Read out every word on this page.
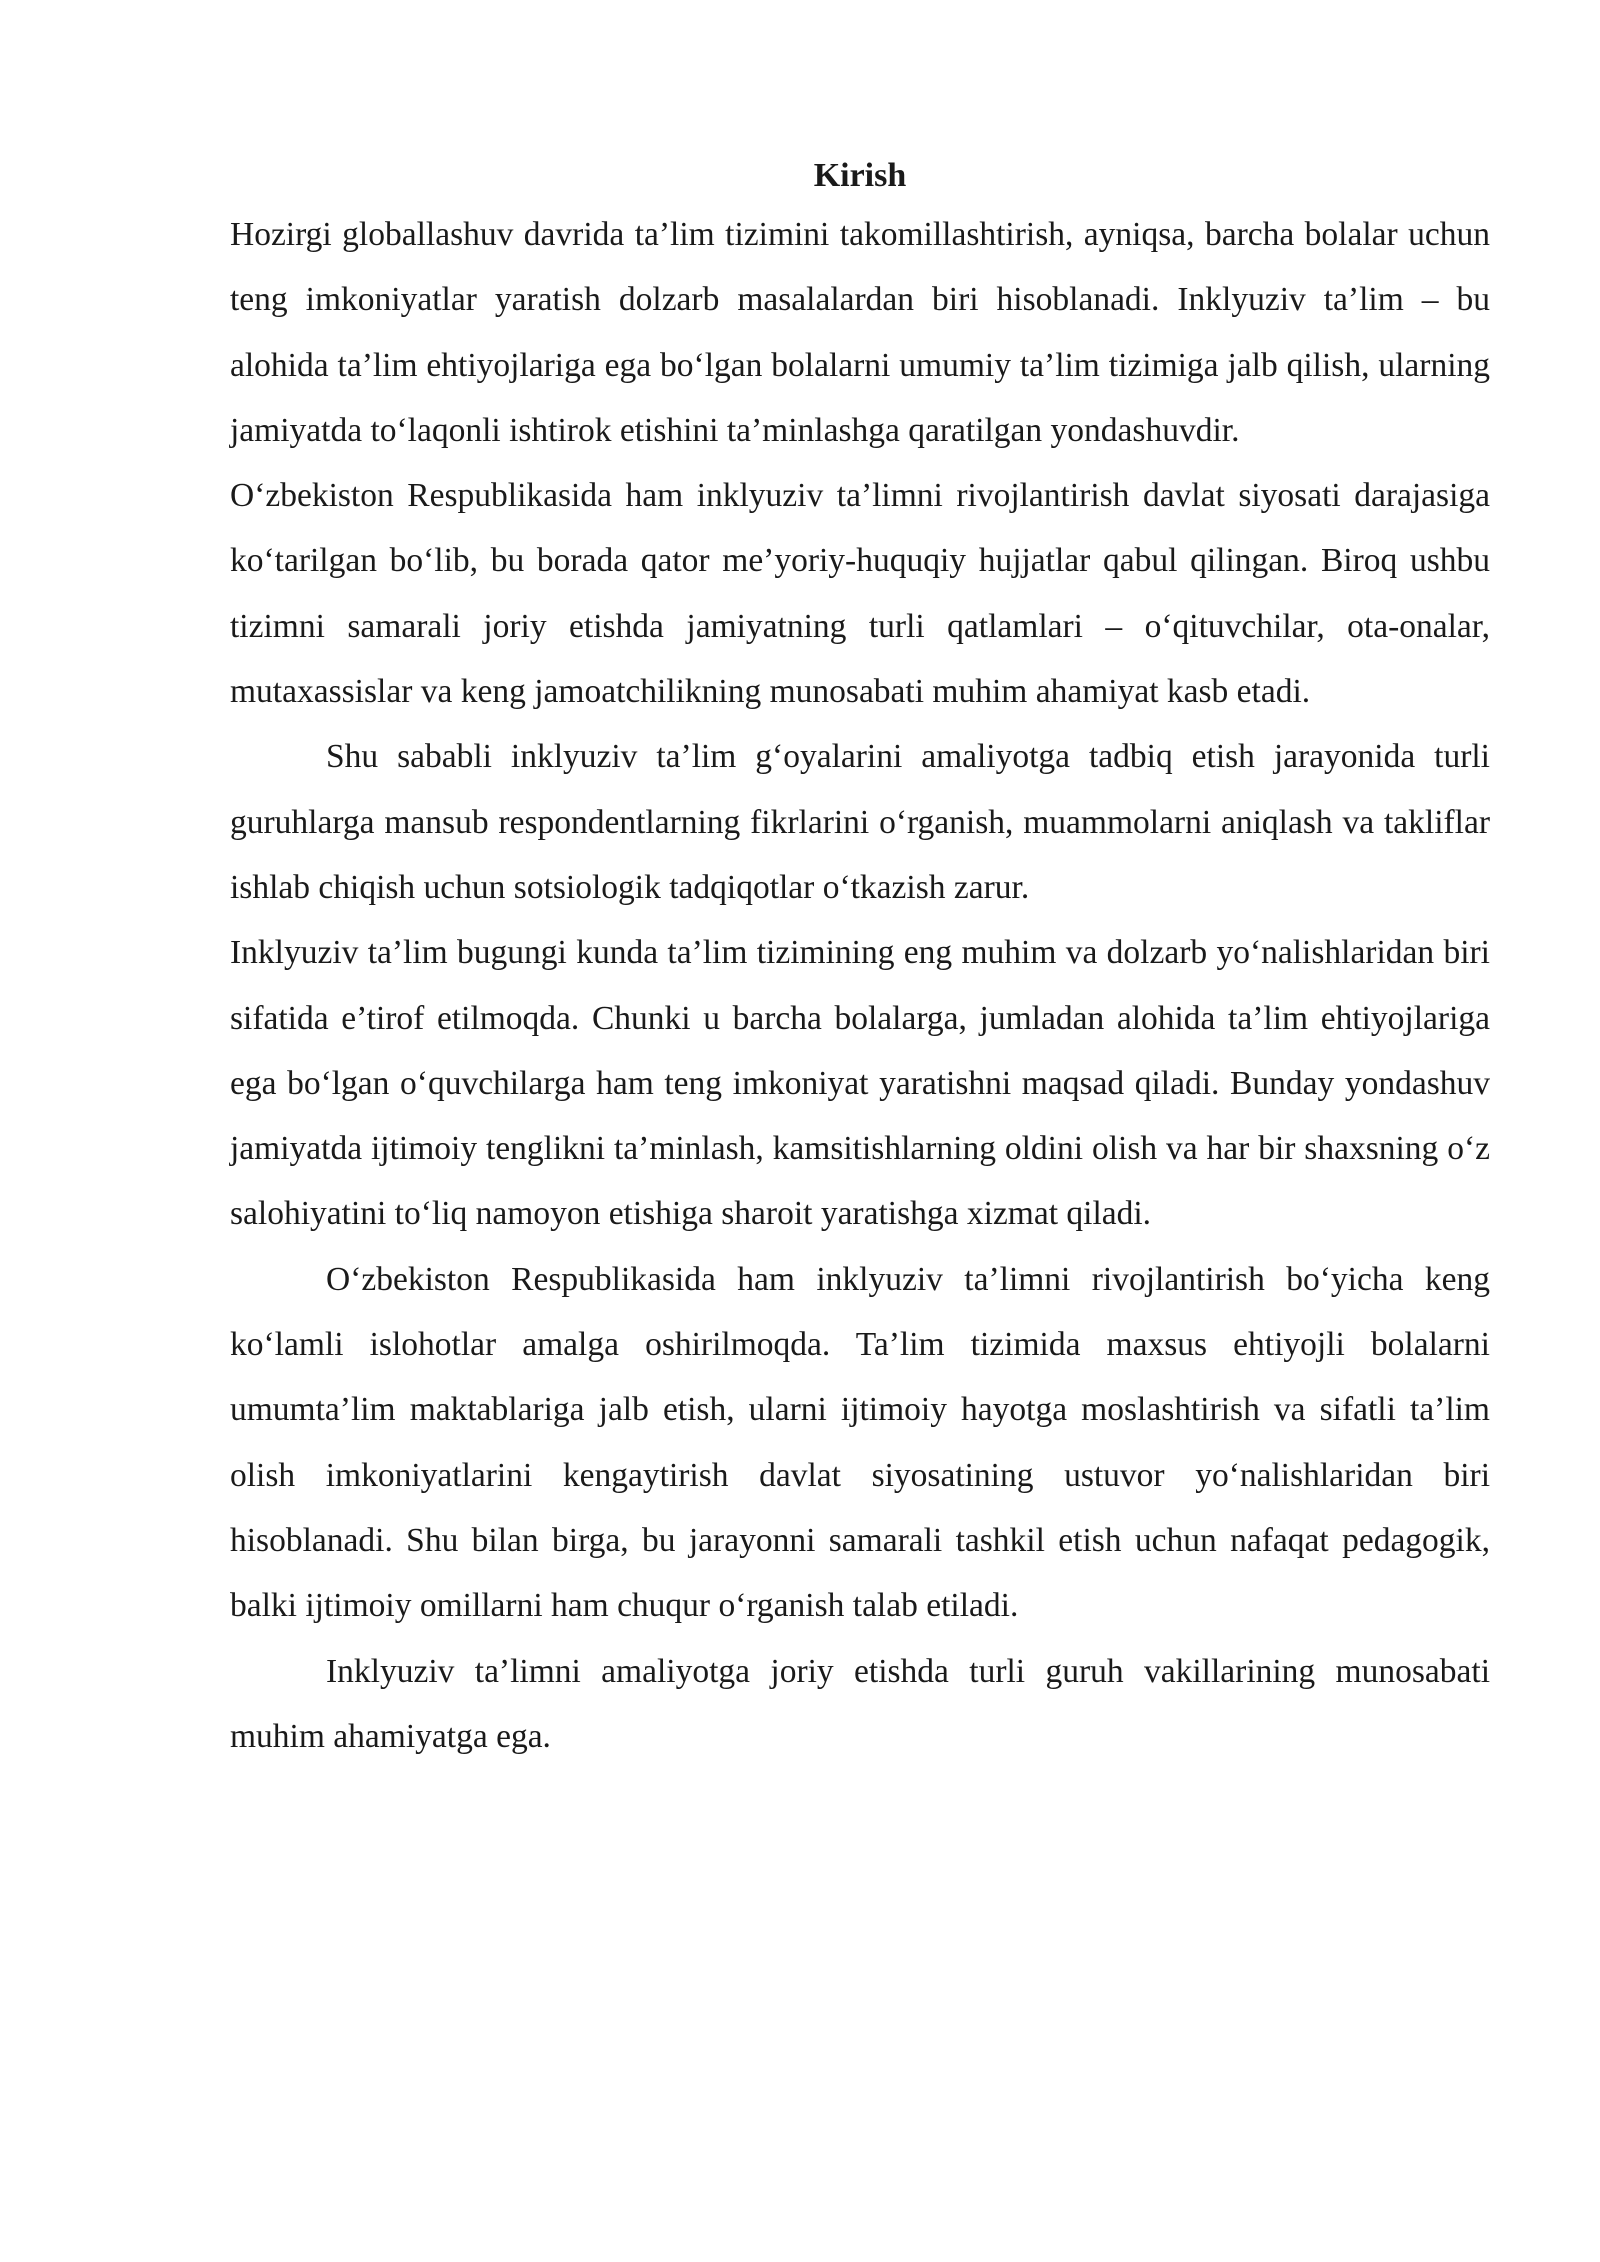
Kirish

Hozirgi globallashuv davrida ta’lim tizimini takomillashtirish, ayniqsa, barcha bolalar uchun teng imkoniyatlar yaratish dolzarb masalalardan biri hisoblanadi. Inklyuziv ta’lim – bu alohida ta’lim ehtiyojlariga ega bo‘lgan bolalarni umumiy ta’lim tizimiga jalb qilish, ularning jamiyatda to‘laqonli ishtirok etishini ta’minlashga qaratilgan yondashuvdir.

O‘zbekiston Respublikasida ham inklyuziv ta’limni rivojlantirish davlat siyosati darajasiga ko‘tarilgan bo‘lib, bu borada qator me’yoriy-huquqiy hujjatlar qabul qilingan. Biroq ushbu tizimni samarali joriy etishda jamiyatning turli qatlamlari – o‘qituvchilar, ota-onalar, mutaxassislar va keng jamoatchilikning munosabati muhim ahamiyat kasb etadi.

Shu sababli inklyuziv ta’lim g‘oyalarini amaliyotga tadbiq etish jarayonida turli guruhlarga mansub respondentlarning fikrlarini o‘rganish, muammolarni aniqlash va takliflar ishlab chiqish uchun sotsiologik tadqiqotlar o‘tkazish zarur.

Inklyuziv ta’lim bugungi kunda ta’lim tizimining eng muhim va dolzarb yo‘nalishlaridan biri sifatida e’tirof etilmoqda. Chunki u barcha bolalarga, jumladan alohida ta’lim ehtiyojlariga ega bo‘lgan o‘quvchilarga ham teng imkoniyat yaratishni maqsad qiladi. Bunday yondashuv jamiyatda ijtimoiy tenglikni ta’minlash, kamsitishlarning oldini olish va har bir shaxsning o‘z salohiyatini to‘liq namoyon etishiga sharoit yaratishga xizmat qiladi.

O‘zbekiston Respublikasida ham inklyuziv ta’limni rivojlantirish bo‘yicha keng ko‘lamli islohotlar amalga oshirilmoqda. Ta’lim tizimida maxsus ehtiyojli bolalarni umumta’lim maktablariga jalb etish, ularni ijtimoiy hayotga moslashtirish va sifatli ta’lim olish imkoniyatlarini kengaytirish davlat siyosatining ustuvor yo‘nalishlaridan biri hisoblanadi. Shu bilan birga, bu jarayonni samarali tashkil etish uchun nafaqat pedagogik, balki ijtimoiy omillarni ham chuqur o‘rganish talab etiladi.

Inklyuziv ta’limni amaliyotga joriy etishda turli guruh vakillarining munosabati muhim ahamiyatga ega.
